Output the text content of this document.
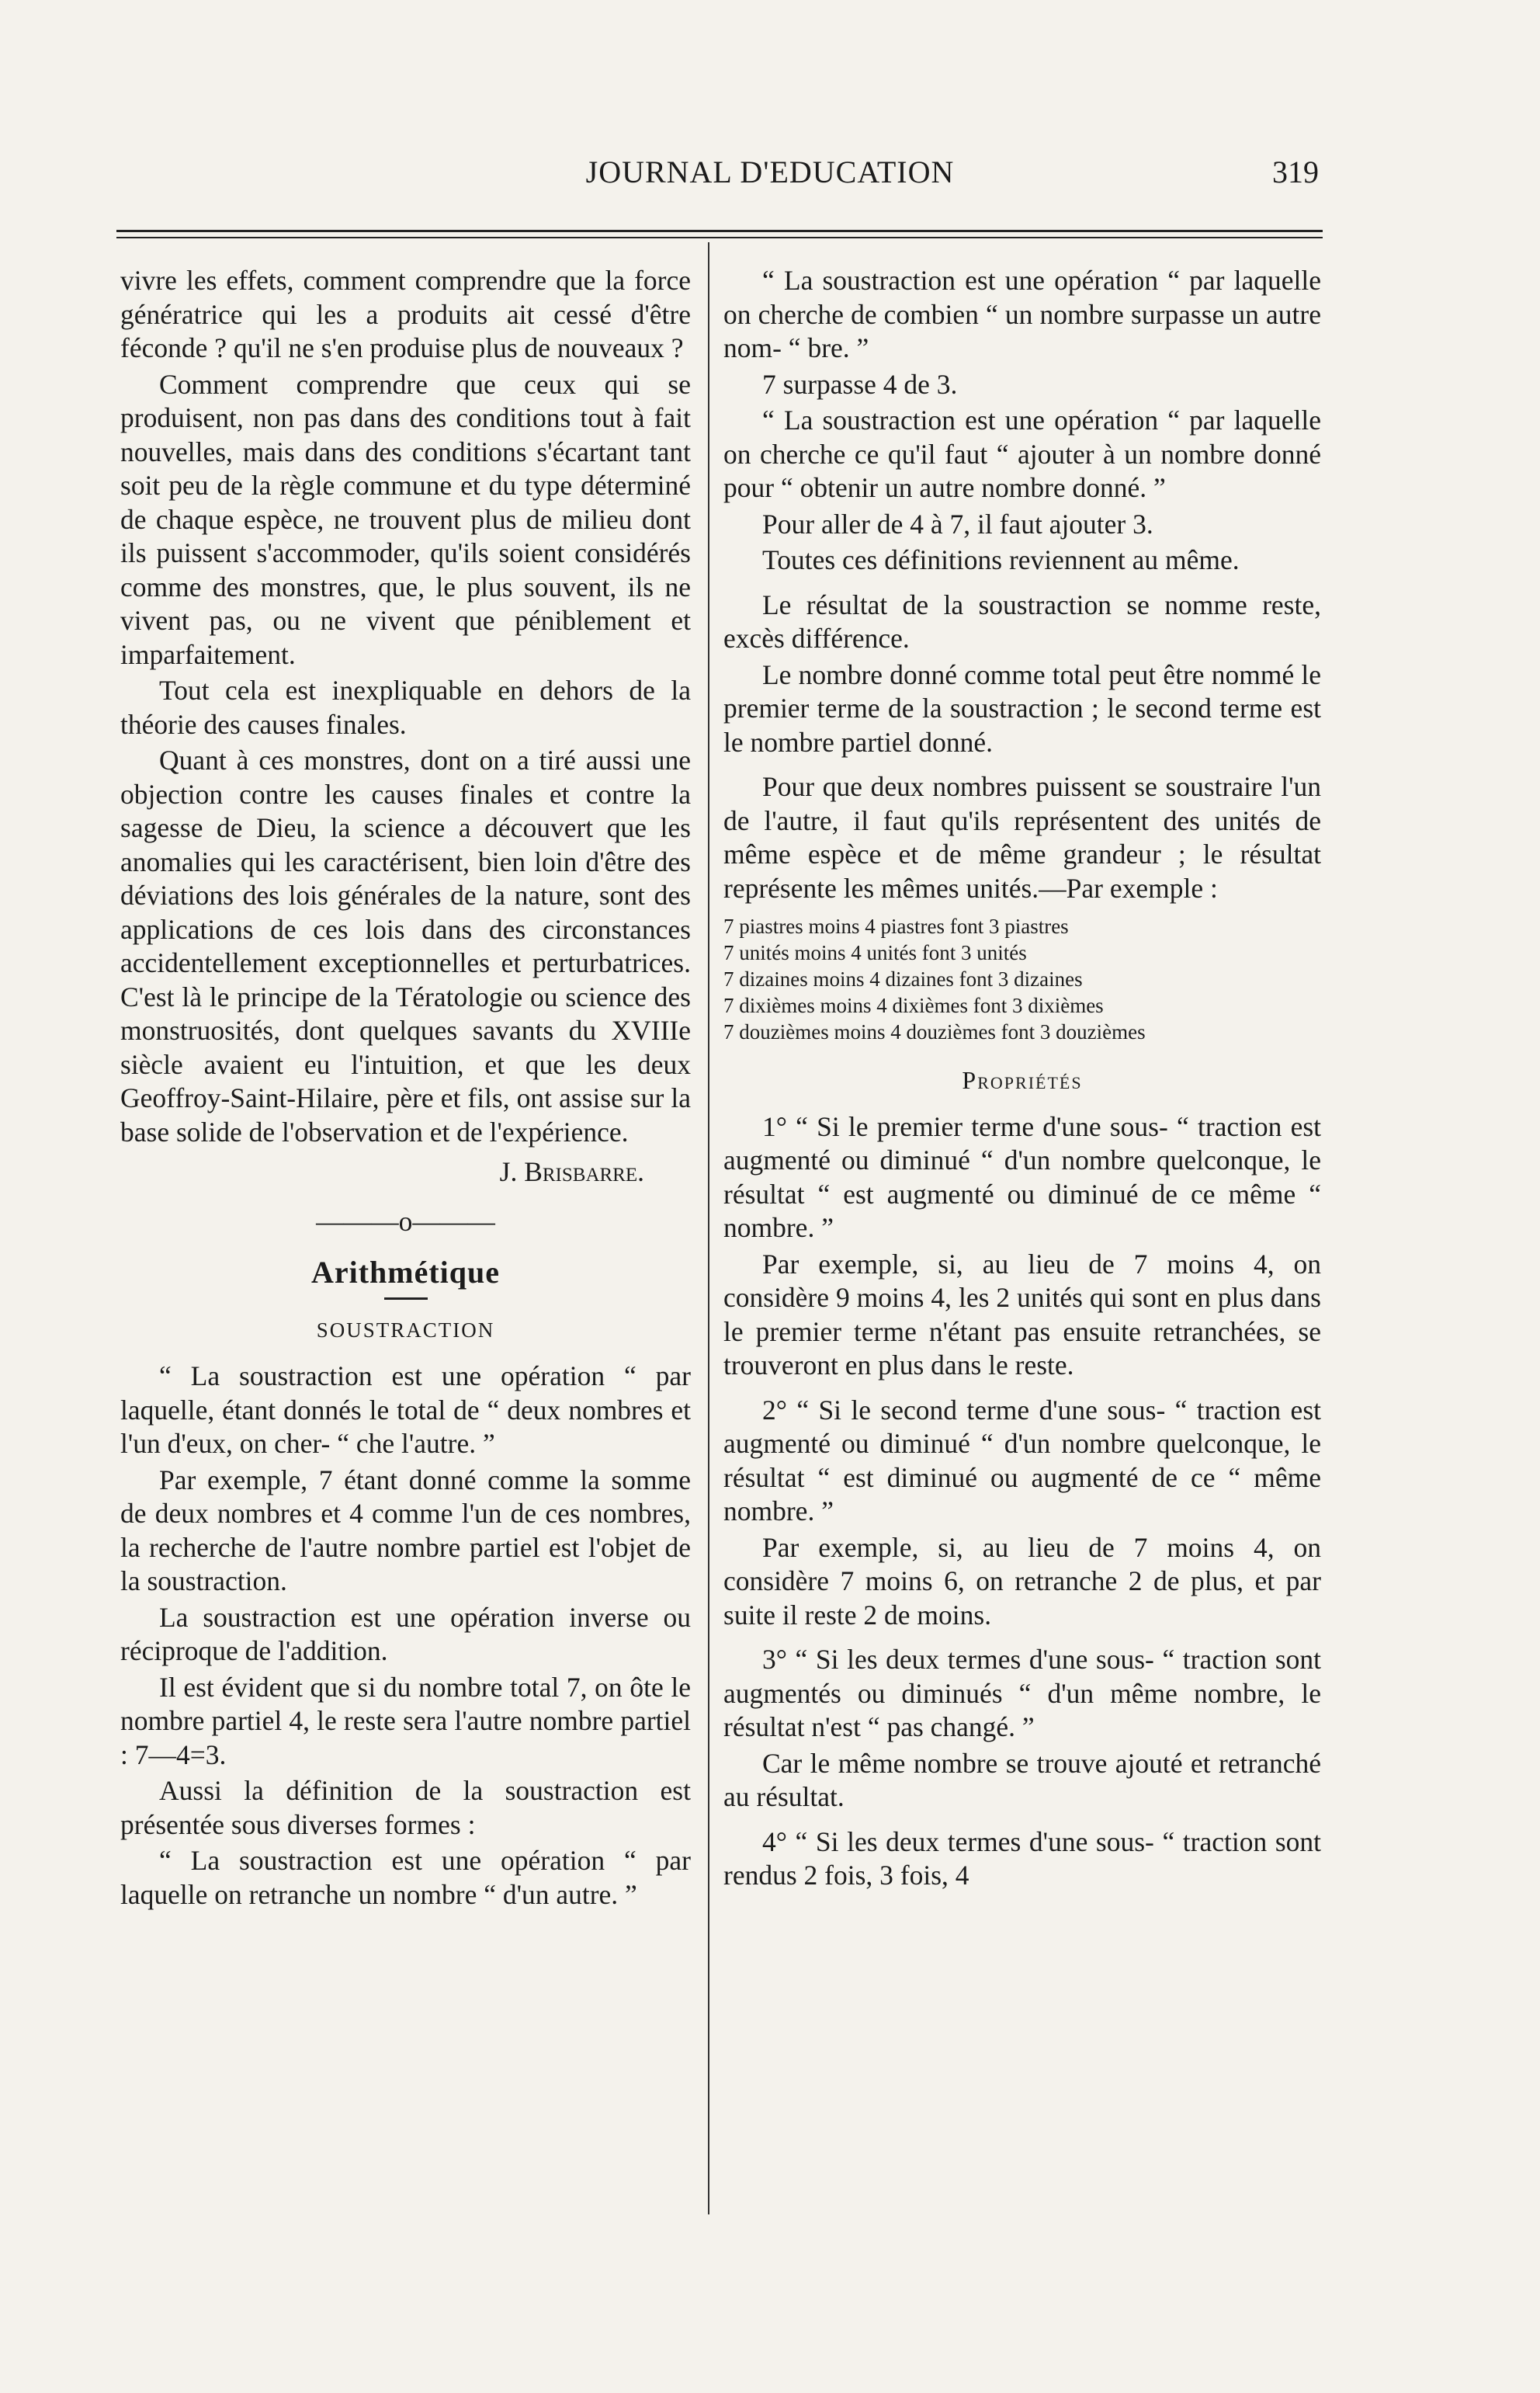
JOURNAL D'EDUCATION	319

vivre les effets, comment comprendre que la force génératrice qui les a produits ait cessé d'être féconde ? qu'il ne s'en produise plus de nouveaux ?

Comment comprendre que ceux qui se produisent, non pas dans des conditions tout à fait nouvelles, mais dans des conditions s'écartant tant soit peu de la règle commune et du type déterminé de chaque espèce, ne trouvent plus de milieu dont ils puissent s'accommoder, qu'ils soient considérés comme des monstres, que, le plus souvent, ils ne vivent pas, ou ne vivent que péniblement et imparfaitement.

Tout cela est inexpliquable en dehors de la théorie des causes finales.

Quant à ces monstres, dont on a tiré aussi une objection contre les causes finales et contre la sagesse de Dieu, la science a découvert que les anomalies qui les caractérisent, bien loin d'être des déviations des lois générales de la nature, sont des applications de ces lois dans des circonstances accidentellement exceptionnelles et perturbatrices. C'est là le principe de la Tératologie ou science des monstruosités, dont quelques savants du XVIIIe siècle avaient eu l'intuition, et que les deux Geoffroy-Saint-Hilaire, père et fils, ont assise sur la base solide de l'observation et de l'expérience.

J. Brisbarre.

———o———

Arithmétique

SOUSTRACTION

“ La soustraction est une opération “ par laquelle, étant donnés le total de “ deux nombres et l'un d'eux, on cher- “ che l'autre. ”

Par exemple, 7 étant donné comme la somme de deux nombres et 4 comme l'un de ces nombres, la recherche de l'autre nombre partiel est l'objet de la soustraction.

La soustraction est une opération inverse ou réciproque de l'addition.

Il est évident que si du nombre total 7, on ôte le nombre partiel 4, le reste sera l'autre nombre partiel : 7—4=3.

Aussi la définition de la soustraction est présentée sous diverses formes :

“ La soustraction est une opération “ par laquelle on retranche un nombre “ d'un autre. ”

“ La soustraction est une opération “ par laquelle on cherche de combien “ un nombre surpasse un autre nom- “ bre. ”

7 surpasse 4 de 3.

“ La soustraction est une opération “ par laquelle on cherche ce qu'il faut “ ajouter à un nombre donné pour “ obtenir un autre nombre donné. ”

Pour aller de 4 à 7, il faut ajouter 3.

Toutes ces définitions reviennent au même.

Le résultat de la soustraction se nomme reste, excès différence.

Le nombre donné comme total peut être nommé le premier terme de la soustraction ; le second terme est le nombre partiel donné.

Pour que deux nombres puissent se soustraire l'un de l'autre, il faut qu'ils représentent des unités de même espèce et de même grandeur ; le résultat représente les mêmes unités.—Par exemple :

7 piastres moins 4 piastres font 3 piastres

7 unités moins 4 unités font 3 unités

7 dizaines moins 4 dizaines font 3 dizaines

7 dixièmes moins 4 dixièmes font 3 dixièmes

7 douzièmes moins 4 douzièmes font 3 douzièmes

Propriétés

1° “ Si le premier terme d'une sous- “ traction est augmenté ou diminué “ d'un nombre quelconque, le résultat “ est augmenté ou diminué de ce même “ nombre. ”

Par exemple, si, au lieu de 7 moins 4, on considère 9 moins 4, les 2 unités qui sont en plus dans le premier terme n'étant pas ensuite retranchées, se trouveront en plus dans le reste.

2° “ Si le second terme d'une sous- “ traction est augmenté ou diminué “ d'un nombre quelconque, le résultat “ est diminué ou augmenté de ce “ même nombre. ”

Par exemple, si, au lieu de 7 moins 4, on considère 7 moins 6, on retranche 2 de plus, et par suite il reste 2 de moins.

3° “ Si les deux termes d'une sous- “ traction sont augmentés ou diminués “ d'un même nombre, le résultat n'est “ pas changé. ”

Car le même nombre se trouve ajouté et retranché au résultat.

4° “ Si les deux termes d'une sous- “ traction sont rendus 2 fois, 3 fois, 4
